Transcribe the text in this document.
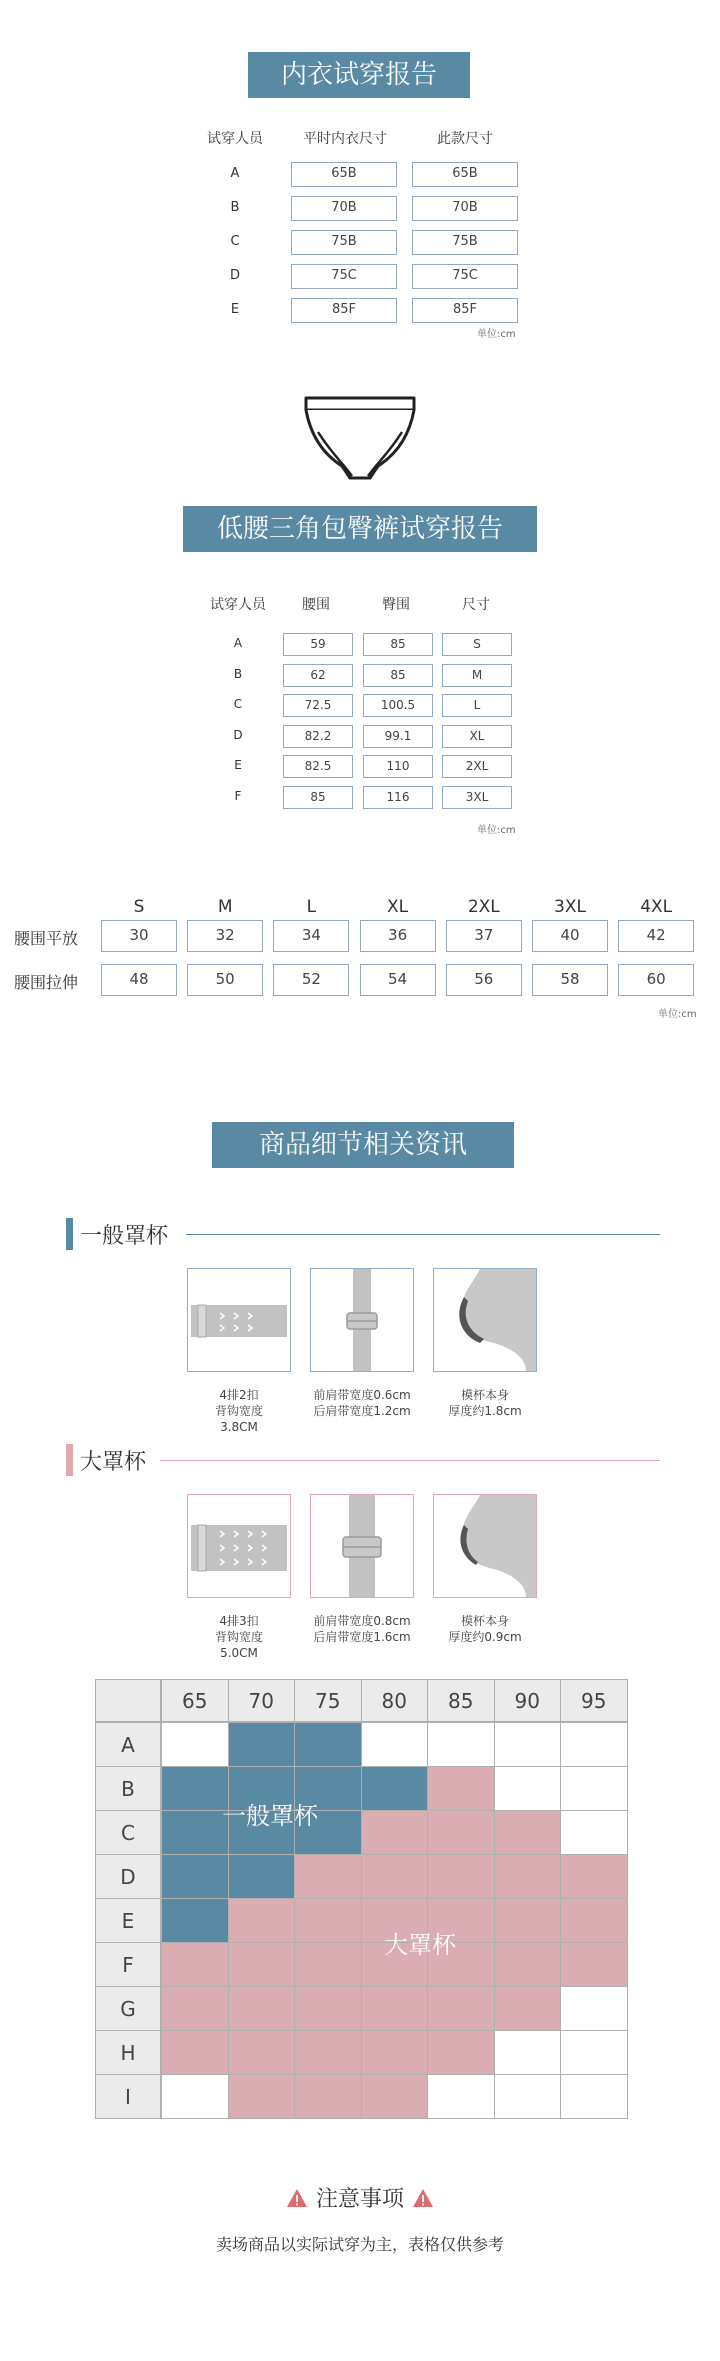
内衣试穿报告
试穿人员	平时内衣尺寸	此款尺寸
A	65B	65B
B	70B	70B
C	75B	75B
D	75C	75C
E	85F	85F
单位:cm
低腰三角包臀裤试穿报告
试穿人员	腰围	臀围	尺寸
A	59	85	S
B	62	85	M
C	72.5	100.5	L
D	82.2	99.1	XL
E	82.5	110	2XL
F	85	116	3XL
单位:cm
S	M	L	XL	2XL	3XL	4XL
腰围平放	30	32	34	36	37	40	42
腰围拉伸	48	50	52	54	56	58	60
单位:cm
商品细节相关资讯
一般罩杯
4排2扣
背钩宽度
3.8CM
前肩带宽度0.6cm
后肩带宽度1.2cm
模杯本身
厚度约1.8cm
大罩杯
4排3扣
背钩宽度
5.0CM
前肩带宽度0.8cm
后肩带宽度1.6cm
模杯本身
厚度约0.9cm
65	70	75	80	85	90	95
A
B
C
D
E
F
G
H
I
一般罩杯
大罩杯
注意事项
卖场商品以实际试穿为主，表格仅供参考
